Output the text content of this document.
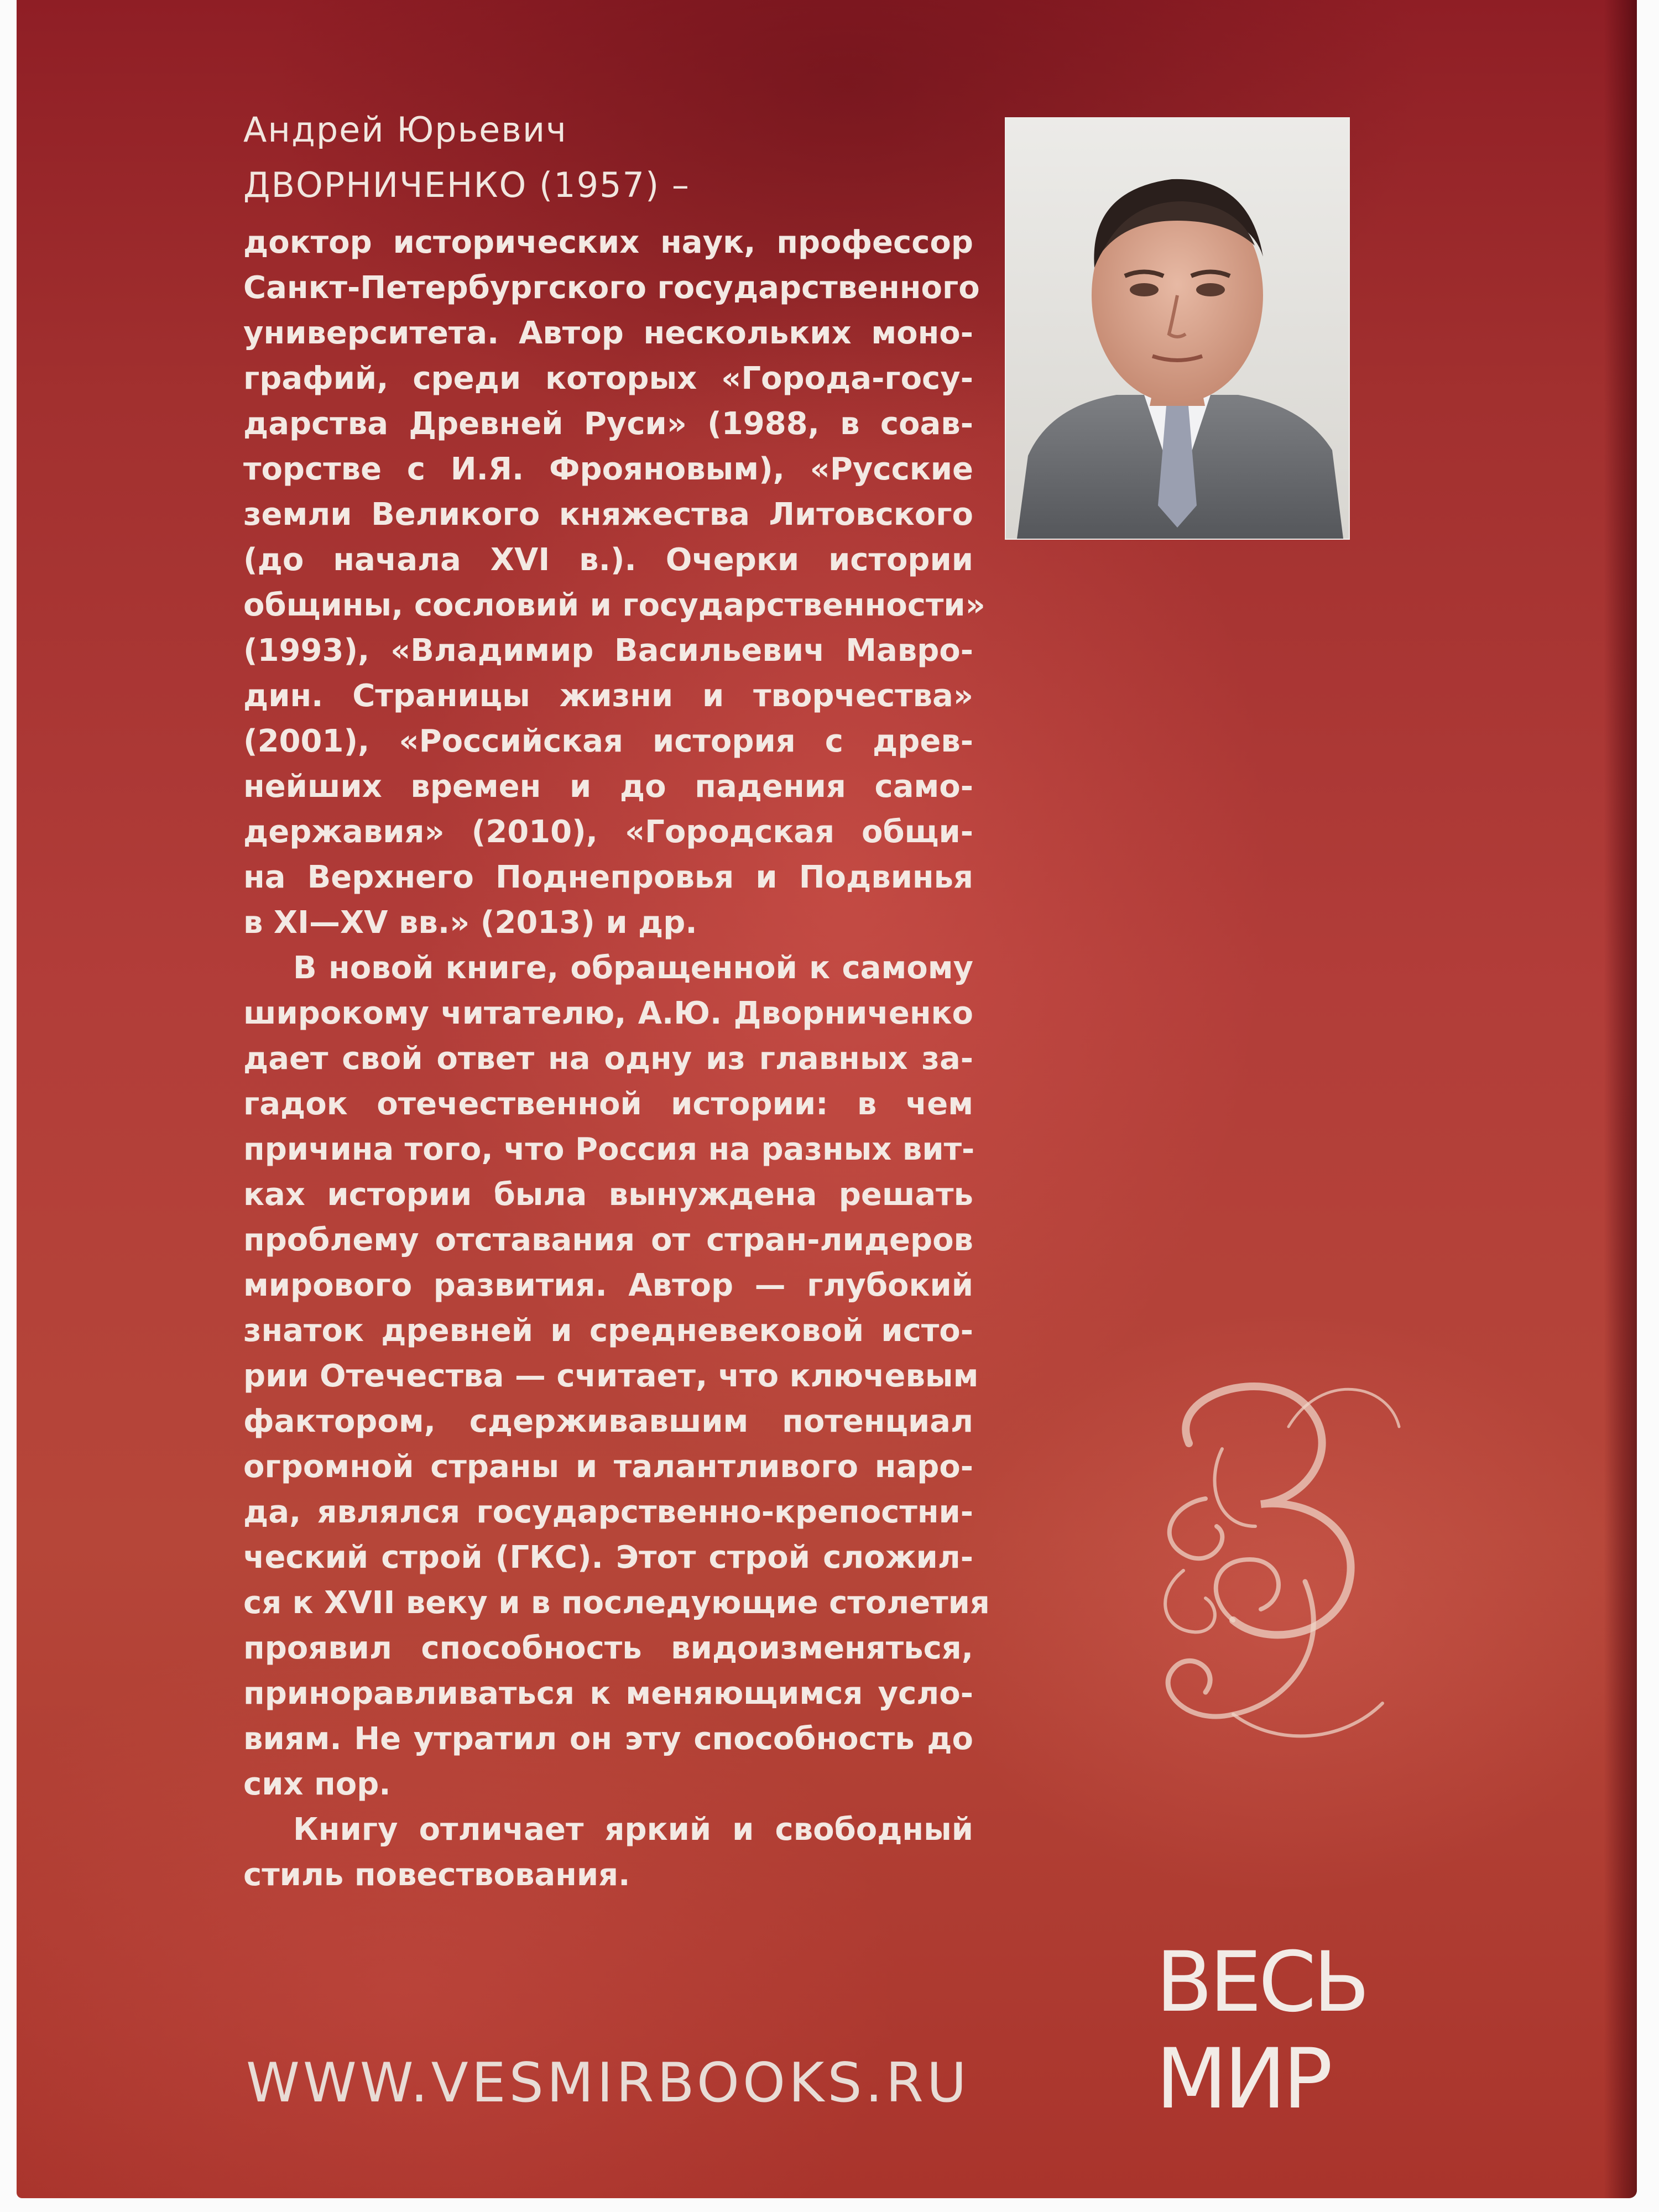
Андрей Юрьевич

ДВОРНИЧЕНКО (1957) –

доктор исторических наук, профессор
Санкт-Петербургского государственного
университета. Автор нескольких моно-
графий, среди которых «Города-госу-
дарства Древней Руси» (1988, в соав-
торстве с И.Я. Фрояновым), «Русские
земли Великого княжества Литовского
(до начала XVI в.). Очерки истории
общины, сословий и государственности»
(1993), «Владимир Васильевич Мавро-
дин. Страницы жизни и творчества»
(2001), «Российская история с древ-
нейших времен и до падения само-
державия» (2010), «Городская общи-
на Верхнего Поднепровья и Подвинья
в XI—XV вв.» (2013) и др.
В новой книге, обращенной к самому
широкому читателю, А.Ю. Дворниченко
дает свой ответ на одну из главных за-
гадок отечественной истории: в чем
причина того, что Россия на разных вит-
ках истории была вынуждена решать
проблему отставания от стран-лидеров
мирового развития. Автор — глубокий
знаток древней и средневековой исто-
рии Отечества — считает, что ключевым
фактором, сдерживавшим потенциал
огромной страны и талантливого наро-
да, являлся государственно-крепостни-
ческий строй (ГКС). Этот строй сложил-
ся к XVII веку и в последующие столетия
проявил способность видоизменяться,
приноравливаться к меняющимся усло-
виям. Не утратил он эту способность до
сих пор.
Книгу отличает яркий и свободный
стиль повествования.

WWW.VESMIRBOOKS.RU

ВЕСЬ
МИР
